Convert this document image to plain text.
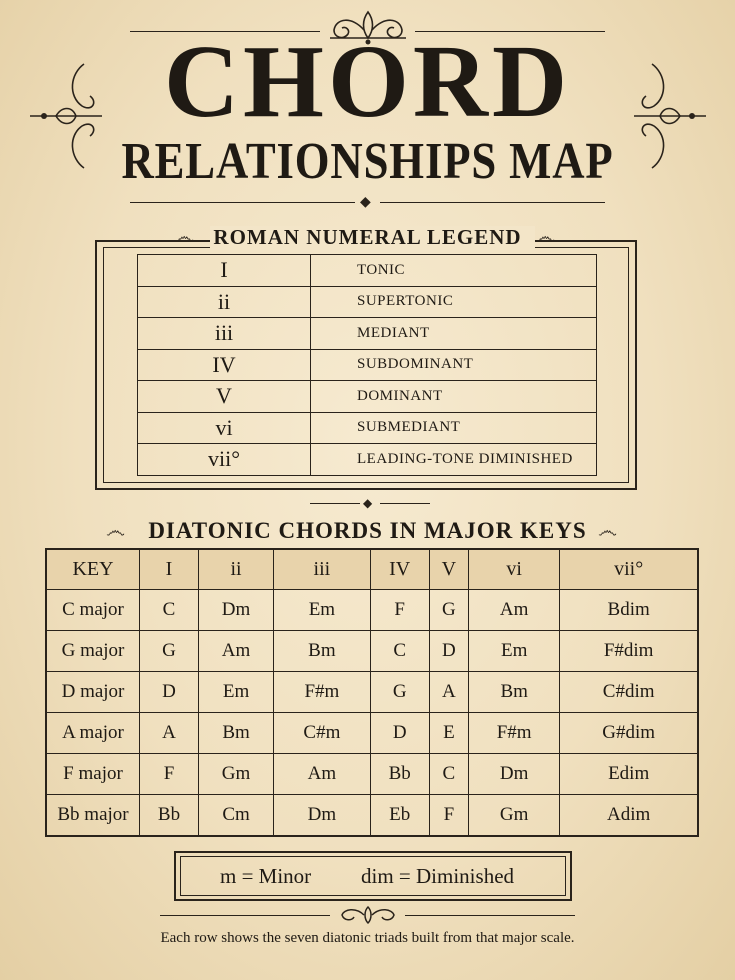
CHORD
RELATIONSHIPS MAP
◆
෴ ROMAN NUMERAL LEGEND ෴
I	TONIC
ii	SUPERTONIC
iii	MEDIANT
IV	SUBDOMINANT
V	DOMINANT
vi	SUBMEDIANT
vii°	LEADING-TONE DIMINISHED
◆
෴	DIATONIC CHORDS IN MAJOR KEYS ෴
KEY	I	ii	iii	IV	V	vi	vii°
C major	C	Dm	Em	F	G	Am	Bdim
G major	G	Am	Bm	C	D	Em	F#dim
D major	D	Em	F#m	G	A	Bm	C#dim
A major	A	Bm	C#m	D	E	F#m	G#dim
F major	F	Gm	Am	Bb	C	Dm	Edim
Bb major	Bb	Cm	Dm	Eb	F	Gm	Adim
m = Minor dim = Diminished
Each row shows the seven diatonic triads built from that major scale.
